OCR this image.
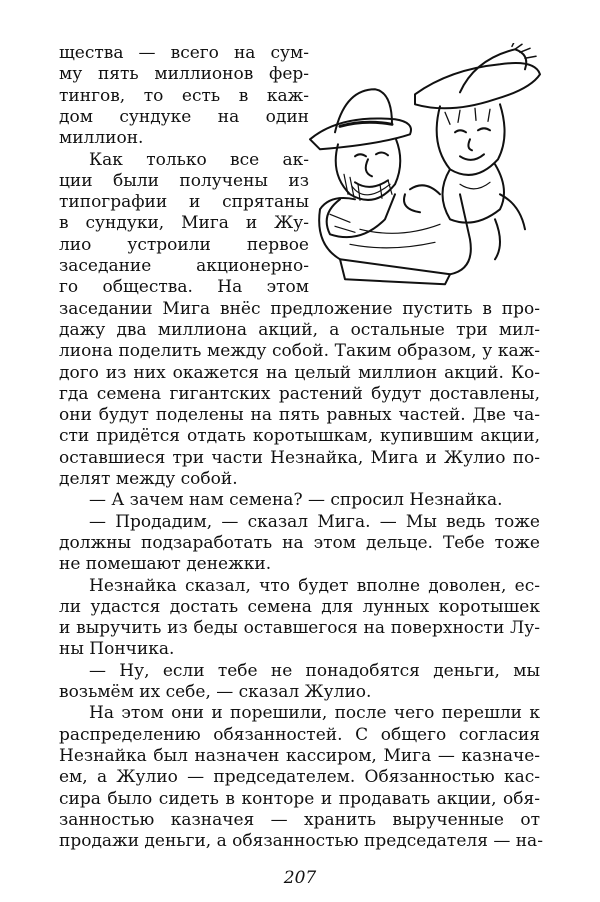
щества — всего на сум-
му пять миллионов фер-
тингов, то есть в каж-
дом сундуке на один
миллион.
Как только все ак-
ции были получены из
типографии и спрятаны
в сундуки, Мига и Жу-
лио устроили первое
заседание акционерно-
го общества. На этом
заседании Мига внёс предложение пустить в про-
дажу два миллиона акций, а остальные три мил-
лиона поделить между собой. Таким образом, у каж-
дого из них окажется на целый миллион акций. Ко-
гда семена гигантских растений будут доставлены,
они будут поделены на пять равных частей. Две ча-
сти придётся отдать коротышкам, купившим акции,
оставшиеся три части Незнайка, Мига и Жулио по-
делят между собой.
— А зачем нам семена? — спросил Незнайка.
— Продадим, — сказал Мига. — Мы ведь тоже
должны подзаработать на этом дельце. Тебе тоже
не помешают денежки.
Незнайка сказал, что будет вполне доволен, ес-
ли удастся достать семена для лунных коротышек
и выручить из беды оставшегося на поверхности Лу-
ны Пончика.
— Ну, если тебе не понадобятся деньги, мы
возьмём их себе, — сказал Жулио.
На этом они и порешили, после чего перешли к
распределению обязанностей. С общего согласия
Незнайка был назначен кассиром, Мига — казначе-
ем, а Жулио — председателем. Обязанностью кас-
сира было сидеть в конторе и продавать акции, обя-
занностью казначея — хранить вырученные от
продажи деньги, а обязанностью председателя — на-
207
